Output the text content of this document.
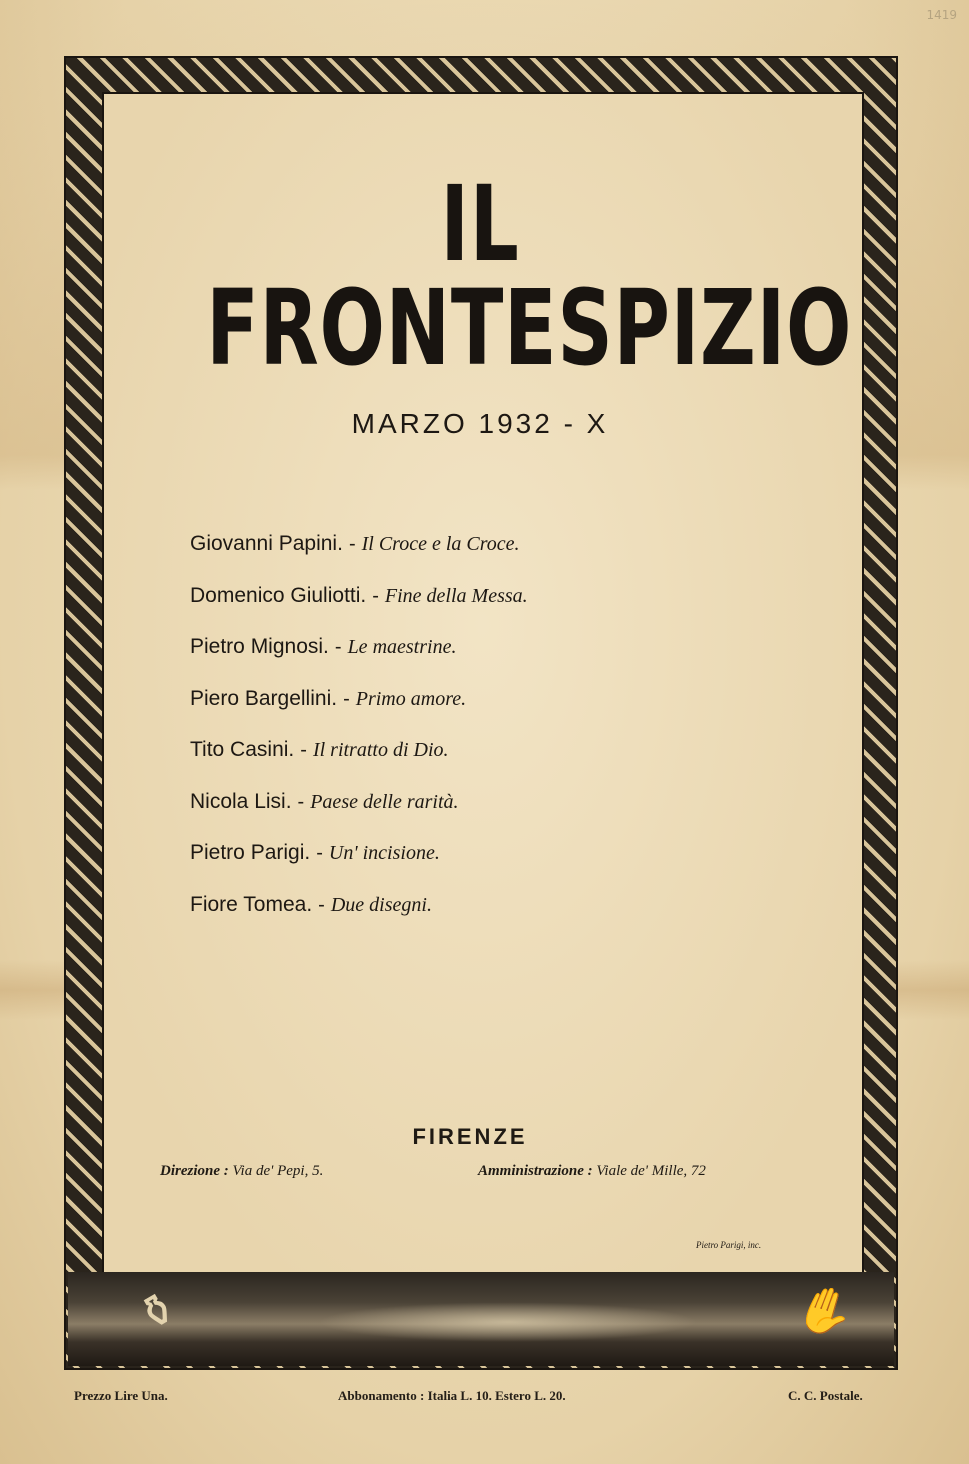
1419
⚱	✋
IL FRONTESPIZIO
MARZO 1932 - X
Giovanni Papini. - Il Croce e la Croce.
Domenico Giuliotti. - Fine della Messa.
Pietro Mignosi. - Le maestrine.
Piero Bargellini. - Primo amore.
Tito Casini. - Il ritratto di Dio.
Nicola Lisi. - Paese delle rarità.
Pietro Parigi. - Un' incisione.
Fiore Tomea. - Due disegni.
FIRENZE
Direzione : Via de' Pepi, 5.	Amministrazione : Viale de' Mille, 72
Pietro Parigi, inc.
Prezzo Lire Una.	Abbonamento : Italia L. 10. Estero L. 20.	C. C. Postale.
